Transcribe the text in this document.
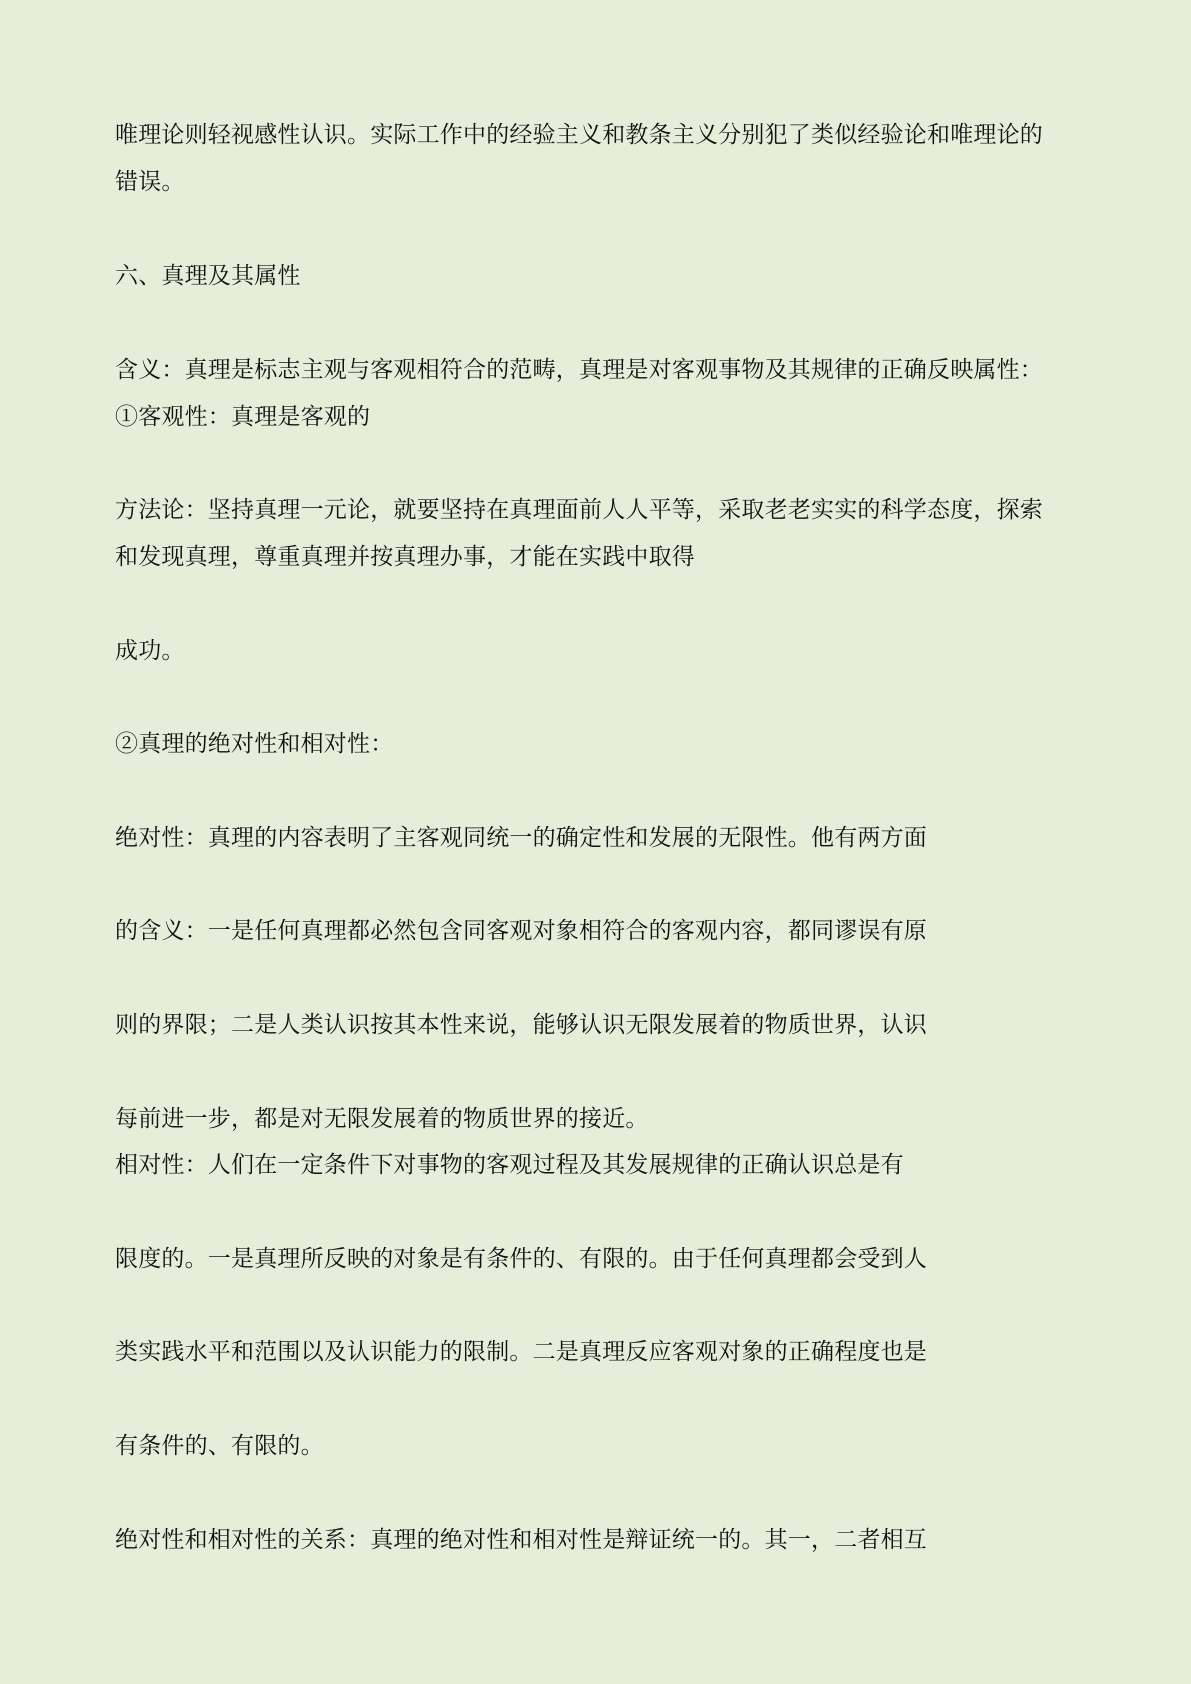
唯理论则轻视感性认识。实际工作中的经验主义和教条主义分别犯了类似经验论和唯理论的
错误。
六、真理及其属性
含义：真理是标志主观与客观相符合的范畴，真理是对客观事物及其规律的正确反映属性：
①客观性：真理是客观的
方法论：坚持真理一元论，就要坚持在真理面前人人平等，采取老老实实的科学态度，探索
和发现真理，尊重真理并按真理办事，才能在实践中取得
成功。
②真理的绝对性和相对性：
绝对性：真理的内容表明了主客观同统一的确定性和发展的无限性。他有两方面
的含义：一是任何真理都必然包含同客观对象相符合的客观内容，都同谬误有原
则的界限；二是人类认识按其本性来说，能够认识无限发展着的物质世界，认识
每前进一步，都是对无限发展着的物质世界的接近。
相对性：人们在一定条件下对事物的客观过程及其发展规律的正确认识总是有
限度的。一是真理所反映的对象是有条件的、有限的。由于任何真理都会受到人
类实践水平和范围以及认识能力的限制。二是真理反应客观对象的正确程度也是
有条件的、有限的。
绝对性和相对性的关系：真理的绝对性和相对性是辩证统一的。其一，二者相互
